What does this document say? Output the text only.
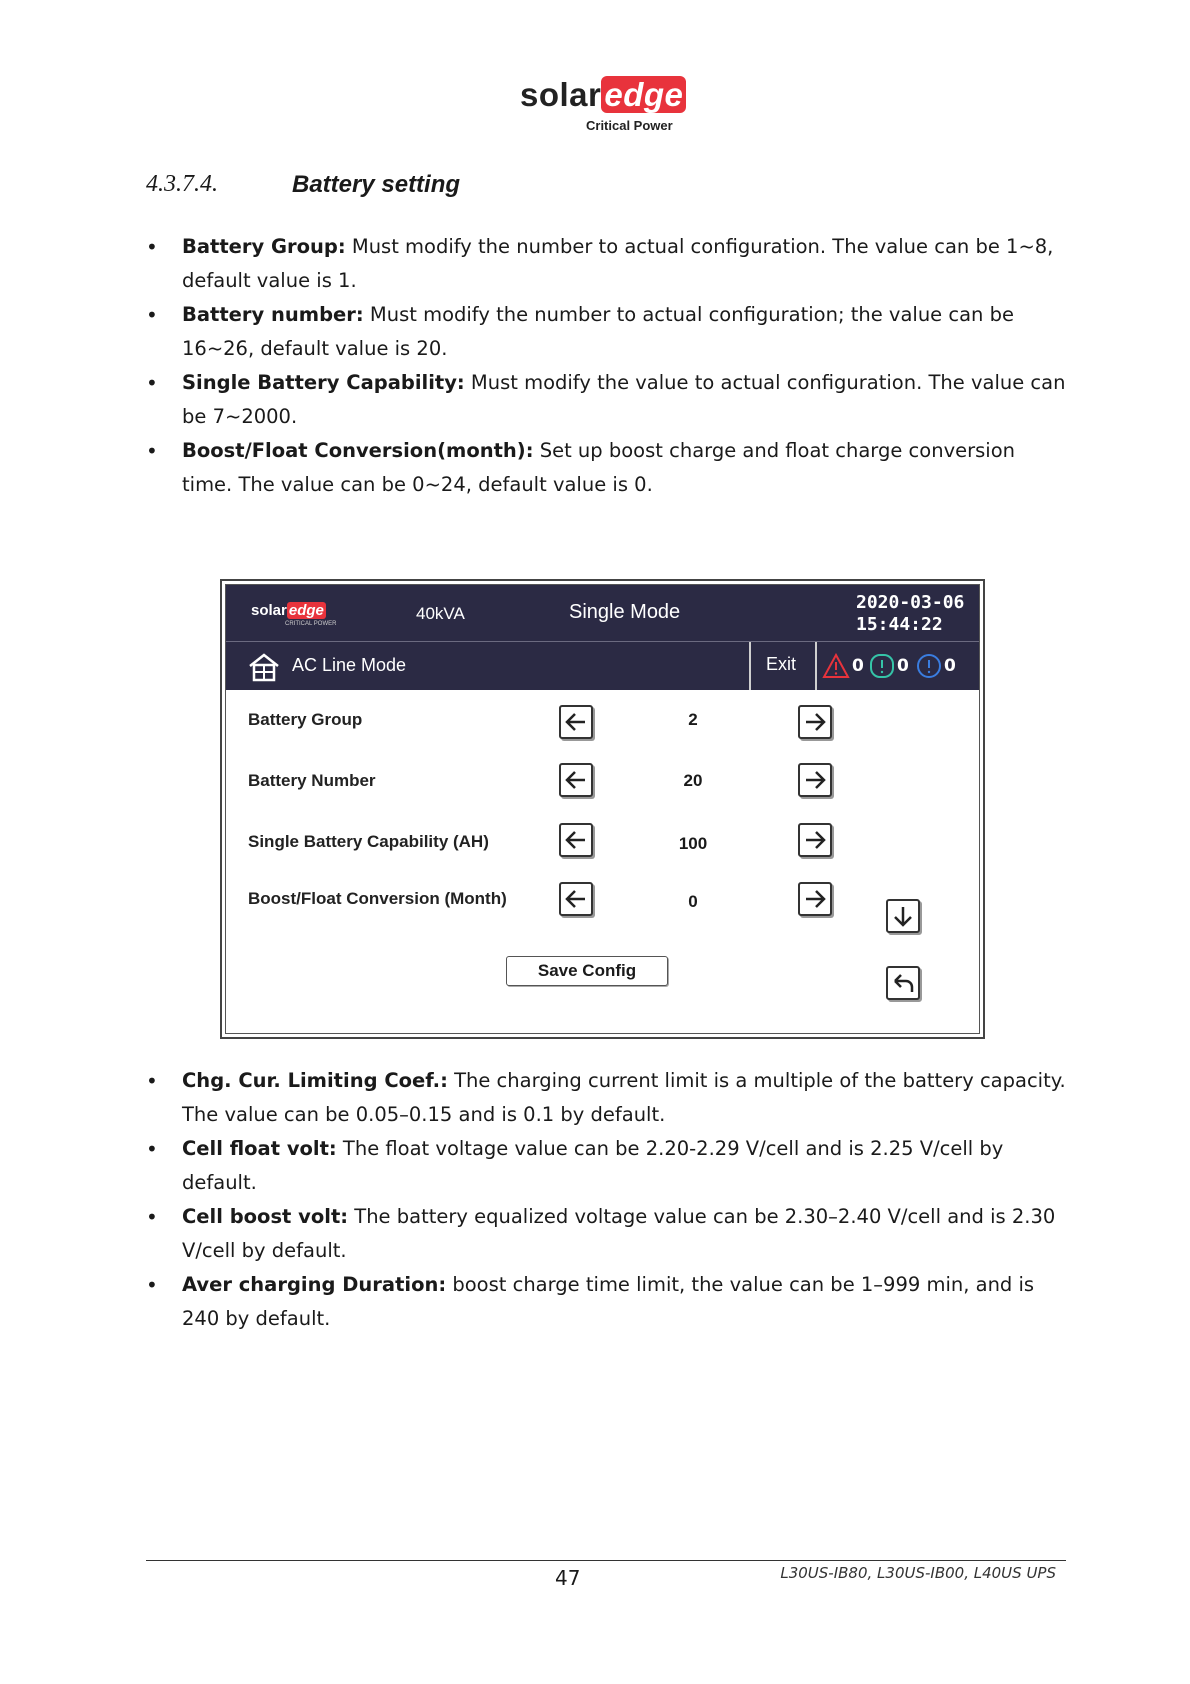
solaredge
Critical Power
4.3.7.4.	Battery setting
• Battery Group: Must modify the number to actual configuration. The value can be 1~8, default value is 1.
• Battery number: Must modify the number to actual configuration; the value can be 16~26, default value is 20.
• Single Battery Capability: Must modify the value to actual configuration. The value can be 7~2000.
• Boost/Float Conversion(month): Set up boost charge and float charge conversion time. The value can be 0~24, default value is 0.
solar edge
CRITICAL POWER
40kVA	Single Mode	2020-03-06
15:44:22
AC Line Mode	Exit	0 0 0
Battery Group	2
Battery Number	20
Single Battery Capability (AH)	100
Boost/Float Conversion (Month)	0
Save Config
• Chg. Cur. Limiting Coef.: The charging current limit is a multiple of the battery capacity. The value can be 0.05–0.15 and is 0.1 by default.
• Cell float volt: The float voltage value can be 2.20-2.29 V/cell and is 2.25 V/cell by default.
• Cell boost volt: The battery equalized voltage value can be 2.30–2.40 V/cell and is 2.30 V/cell by default.
• Aver charging Duration: boost charge time limit, the value can be 1–999 min, and is 240 by default.
47	L30US-IB80, L30US-IB00, L40US UPS
